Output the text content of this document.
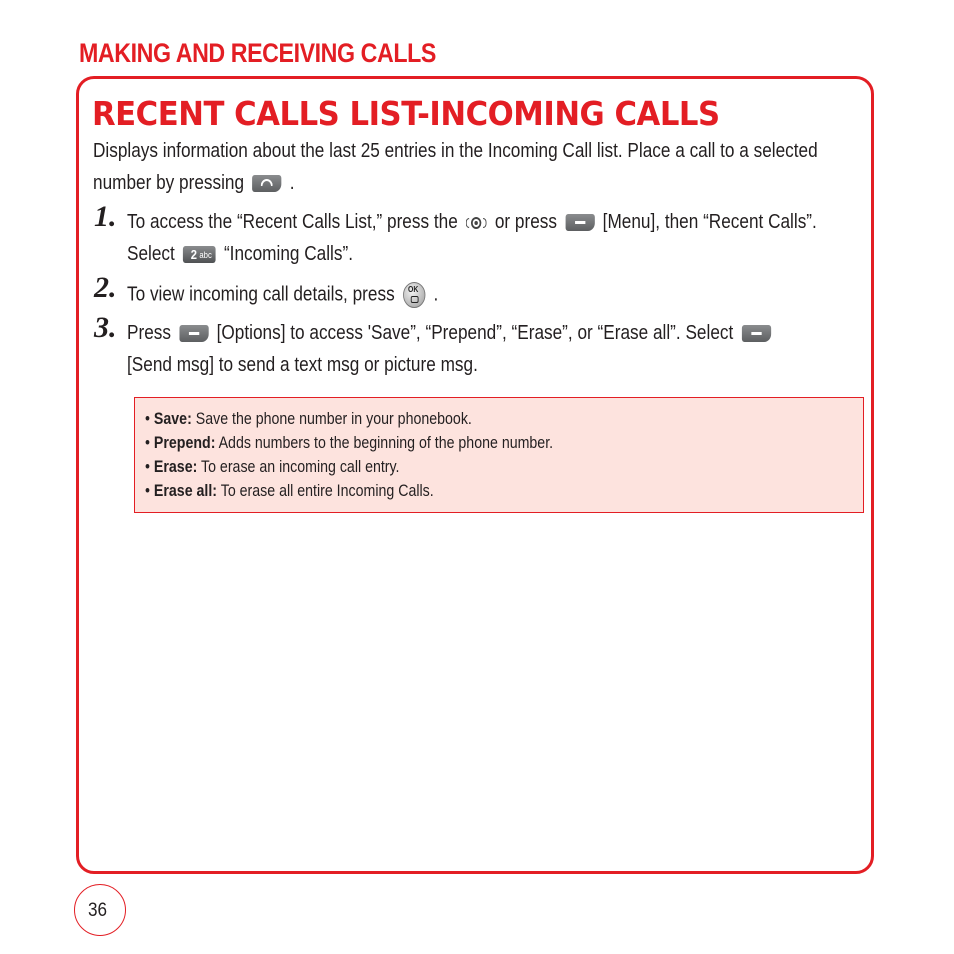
MAKING AND RECEIVING CALLS
RECENT CALLS LIST-INCOMING CALLS
Displays information about the last 25 entries in the Incoming Call list. Place a call to a selected
number by pressing .
1. To access the “Recent Calls List,” press the or press [Menu], then “Recent Calls”.
Select 2 abc “Incoming Calls”.
2. To view incoming call details, press OK .
3. Press [Options] to access 'Save”, “Prepend”, “Erase”, or “Erase all”. Select
[Send msg] to send a text msg or picture msg.
• Save: Save the phone number in your phonebook.
• Prepend: Adds numbers to the beginning of the phone number.
• Erase: To erase an incoming call entry.
• Erase all: To erase all entire Incoming Calls.
36
